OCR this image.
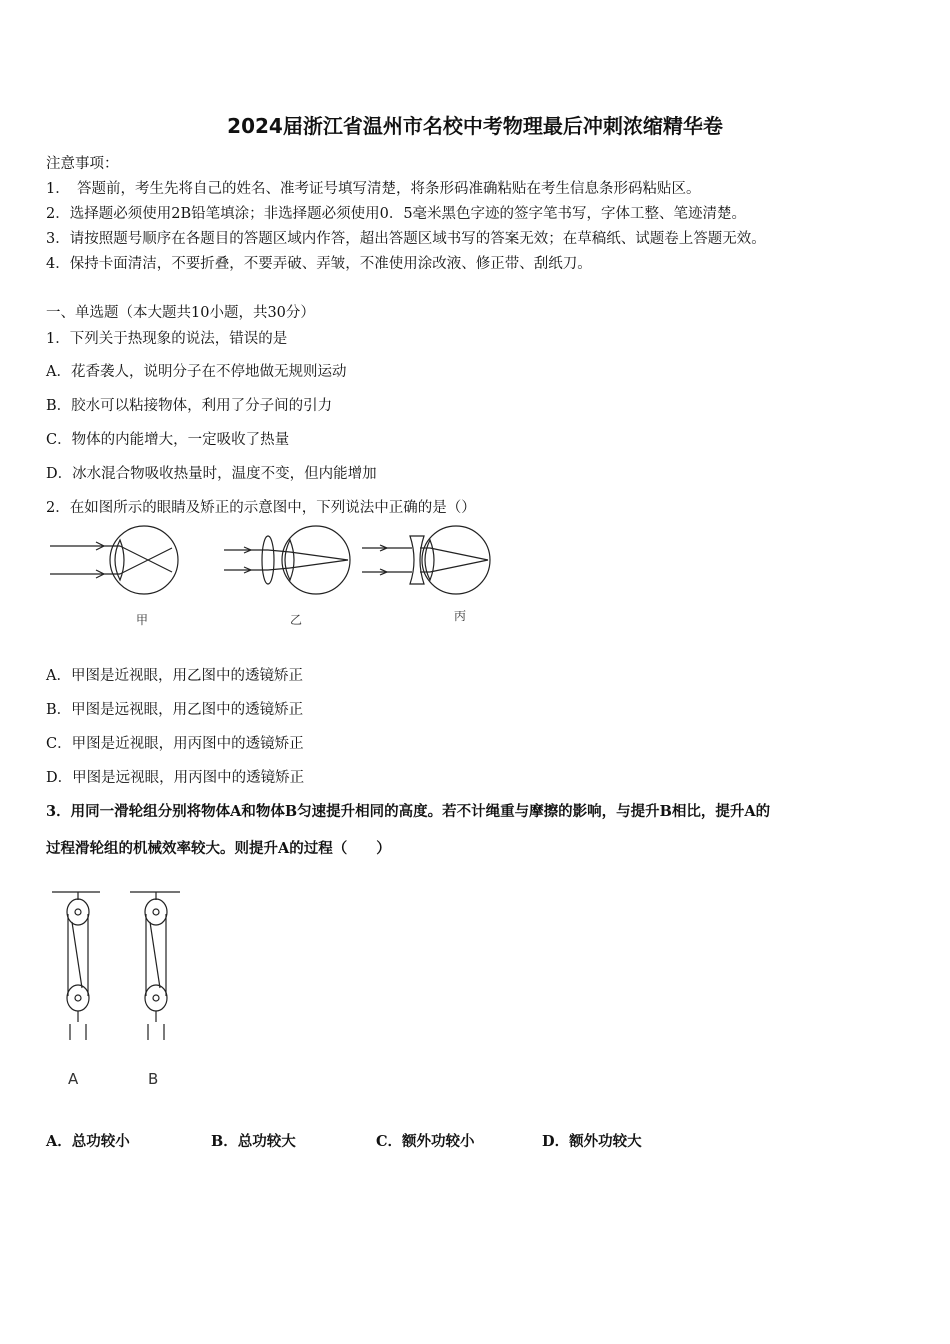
2024届浙江省温州市名校中考物理最后冲刺浓缩精华卷
注意事项：
1．　答题前，考生先将自己的姓名、准考证号填写清楚，将条形码准确粘贴在考生信息条形码粘贴区。
2．选择题必须使用2B铅笔填涂；非选择题必须使用0．5毫米黑色字迹的签字笔书写，字体工整、笔迹清楚。
3．请按照题号顺序在各题目的答题区域内作答，超出答题区域书写的答案无效；在草稿纸、试题卷上答题无效。
4．保持卡面清洁，不要折叠，不要弄破、弄皱，不准使用涂改液、修正带、刮纸刀。
一、单选题（本大题共10小题，共30分）
1．下列关于热现象的说法，错误的是
A．花香袭人，说明分子在不停地做无规则运动
B．胶水可以粘接物体，利用了分子间的引力
C．物体的内能增大，一定吸收了热量
D．冰水混合物吸收热量时，温度不变，但内能增加
2．在如图所示的眼睛及矫正的示意图中，下列说法中正确的是（）
甲	乙	丙
A．甲图是近视眼，用乙图中的透镜矫正
B．甲图是远视眼，用乙图中的透镜矫正
C．甲图是近视眼，用丙图中的透镜矫正
D．甲图是远视眼，用丙图中的透镜矫正
3．用同一滑轮组分别将物体A和物体B匀速提升相同的高度。若不计绳重与摩擦的影响，与提升B相比，提升A的
过程滑轮组的机械效率较大。则提升A的过程（　　）
A	B
A．总功较小	B．总功较大	C．额外功较小	D．额外功较大
